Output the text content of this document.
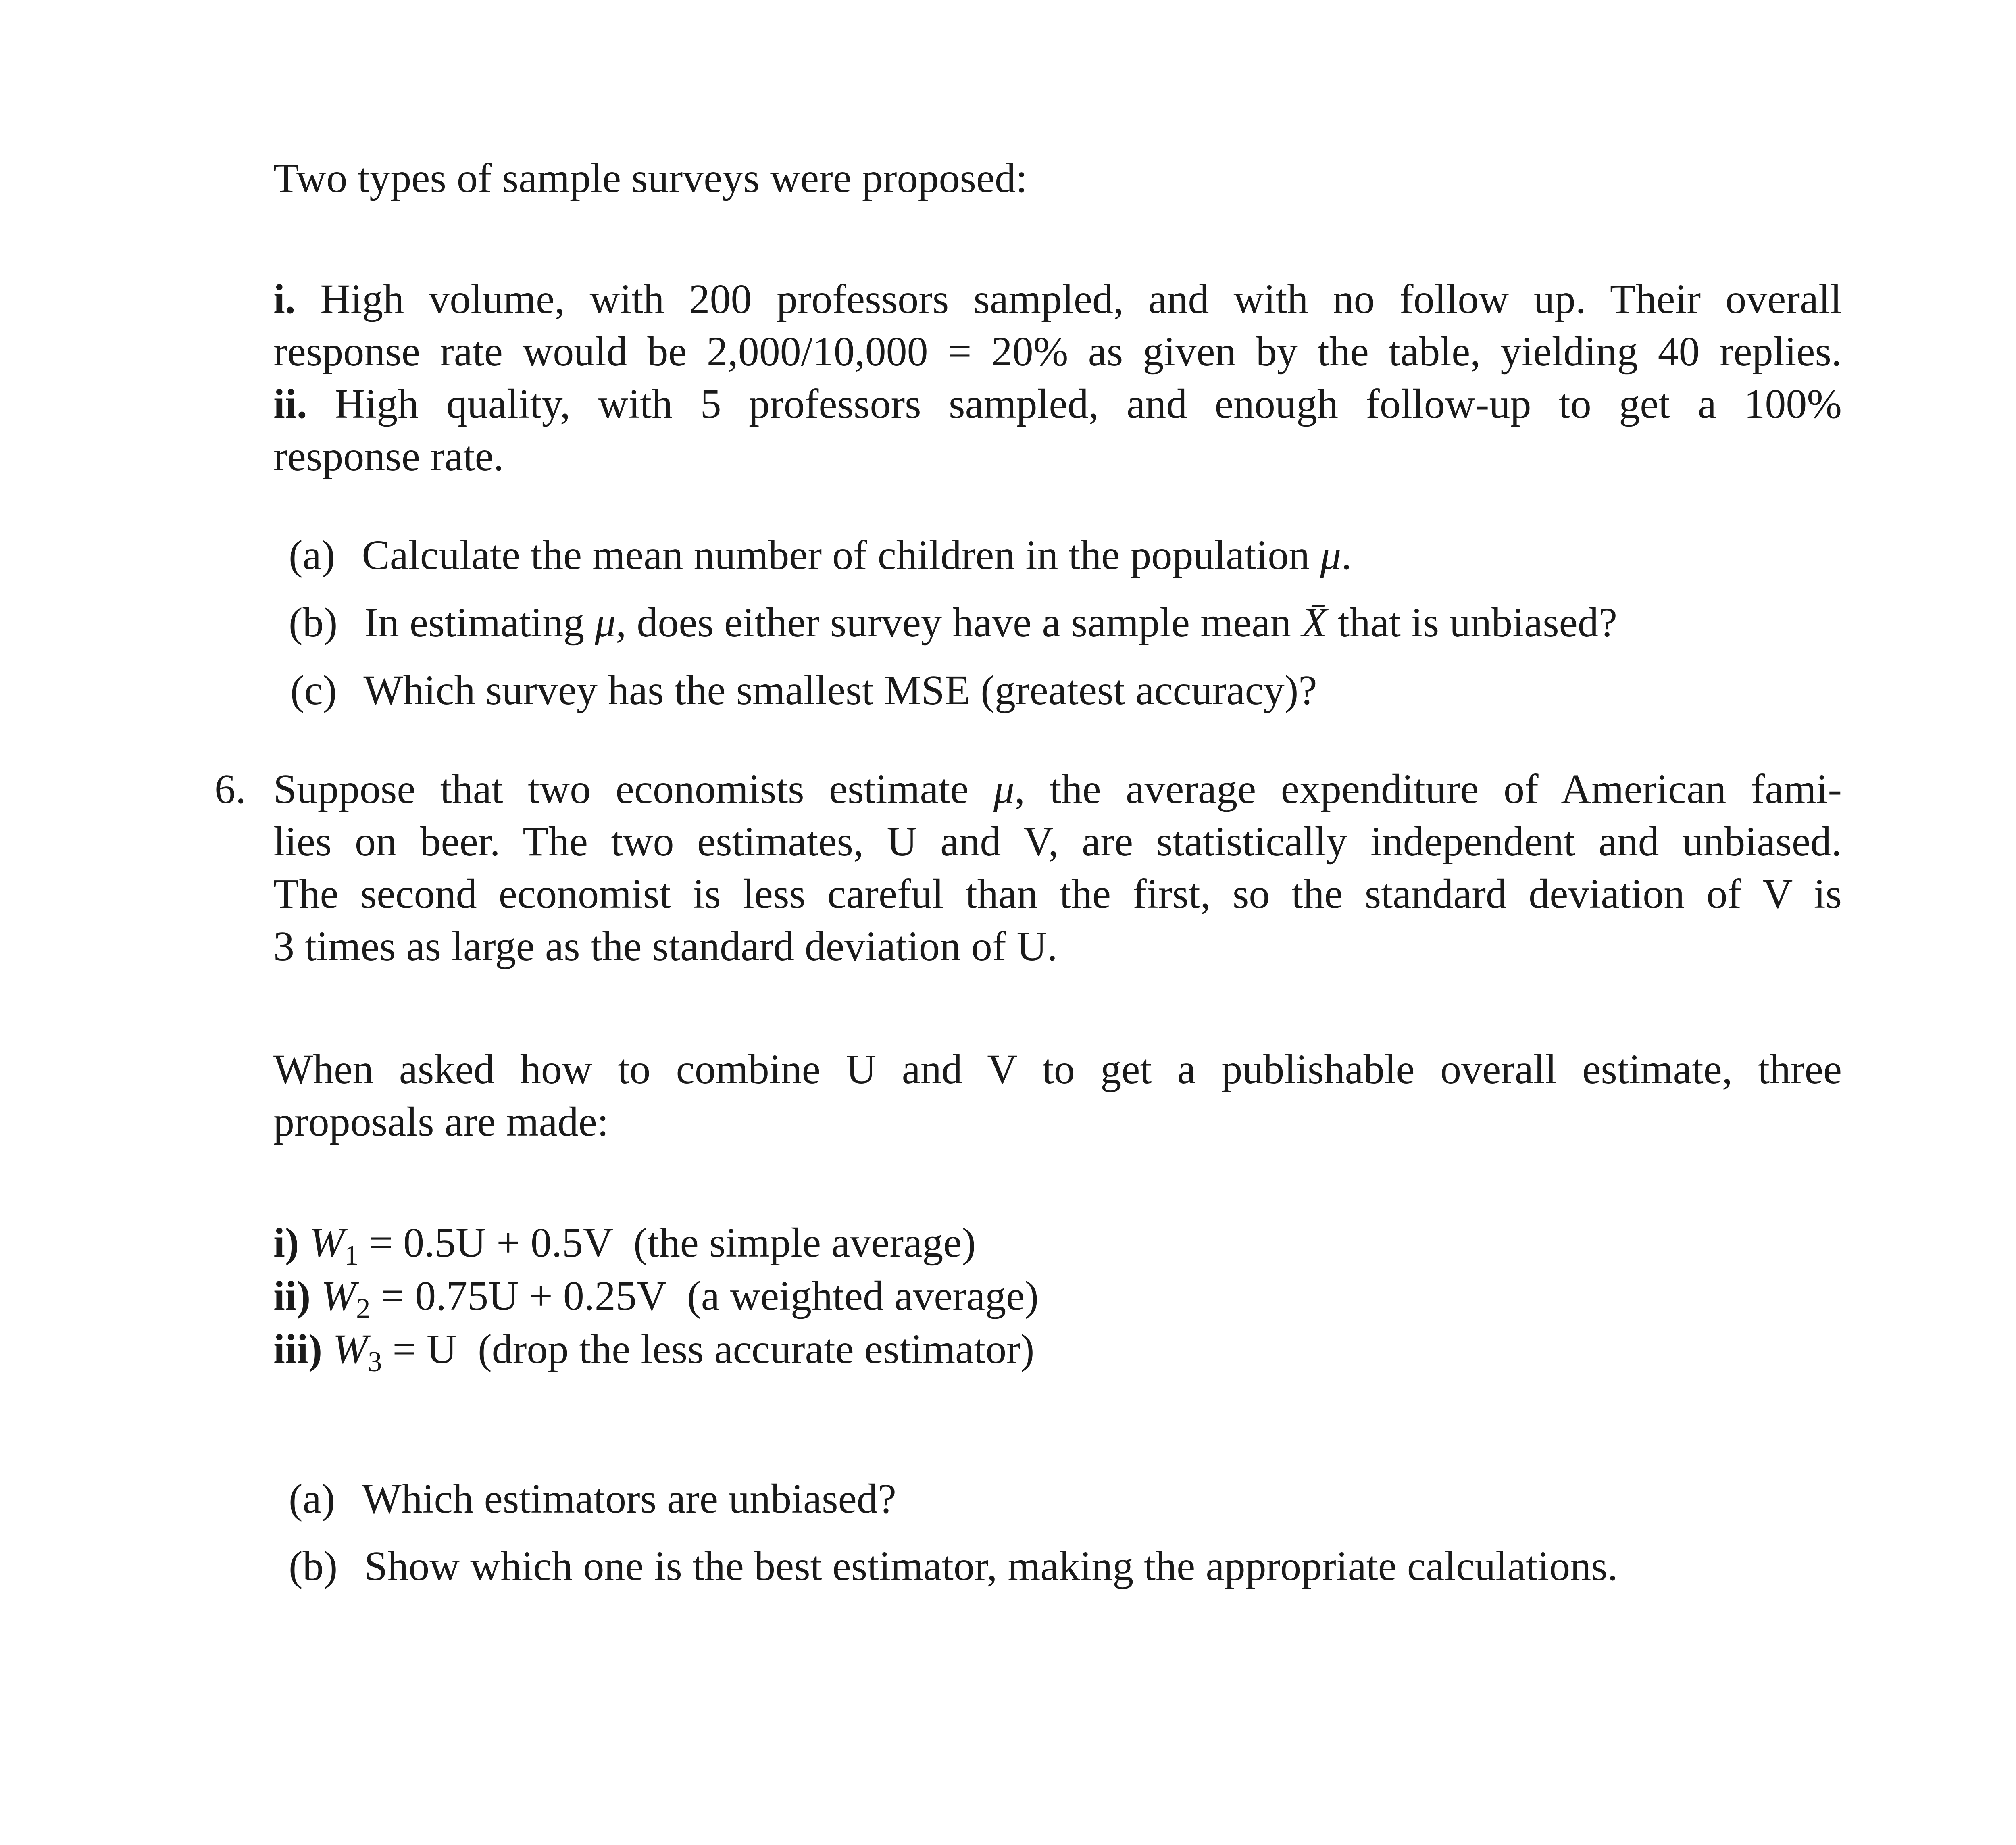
Two types of sample surveys were proposed:
i. High volume, with 200 professors sampled, and with no follow up. Their overall
response rate would be 2,000/10,000 = 20% as given by the table, yielding 40 replies.
ii. High quality, with 5 professors sampled, and enough follow-up to get a 100%
response rate.
(a) Calculate the mean number of children in the population μ.
(b) In estimating μ, does either survey have a sample mean X̄ that is unbiased?
(c) Which survey has the smallest MSE (greatest accuracy)?
6. Suppose that two economists estimate μ, the average expenditure of American fami-
lies on beer. The two estimates, U and V, are statistically independent and unbiased.
The second economist is less careful than the first, so the standard deviation of V is
3 times as large as the standard deviation of U.
When asked how to combine U and V to get a publishable overall estimate, three
proposals are made:
i) $W_1 = 0.5U + 0.5V$ (the simple average)
ii) $W_2 = 0.75U + 0.25V$ (a weighted average)
iii) $W_3 = U$ (drop the less accurate estimator)
(a) Which estimators are unbiased?
(b) Show which one is the best estimator, making the appropriate calculations.
